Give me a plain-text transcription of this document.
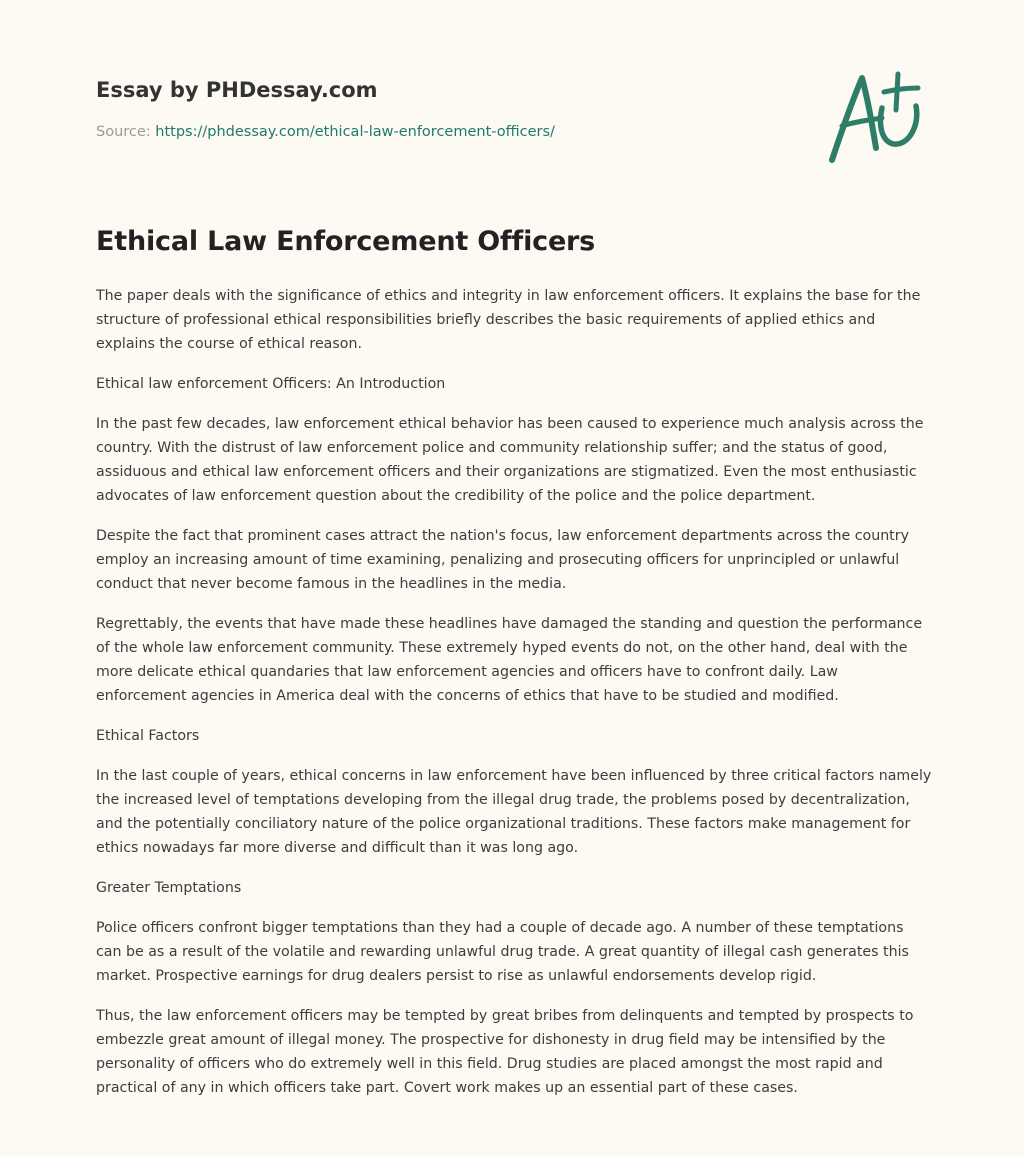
Essay by PHDessay.com
Source: https://phdessay.com/ethical-law-enforcement-officers/
Ethical Law Enforcement Officers

The paper deals with the significance of ethics and integrity in law enforcement officers. It explains the base for the structure of professional ethical responsibilities briefly describes the basic requirements of applied ethics and explains the course of ethical reason.

Ethical law enforcement Officers: An Introduction

In the past few decades, law enforcement ethical behavior has been caused to experience much analysis across the country. With the distrust of law enforcement police and community relationship suffer; and the status of good, assiduous and ethical law enforcement officers and their organizations are stigmatized. Even the most enthusiastic advocates of law enforcement question about the credibility of the police and the police department.

Despite the fact that prominent cases attract the nation's focus, law enforcement departments across the country employ an increasing amount of time examining, penalizing and prosecuting officers for unprincipled or unlawful conduct that never become famous in the headlines in the media.

Regrettably, the events that have made these headlines have damaged the standing and question the performance of the whole law enforcement community. These extremely hyped events do not, on the other hand, deal with the more delicate ethical quandaries that law enforcement agencies and officers have to confront daily. Law enforcement agencies in America deal with the concerns of ethics that have to be studied and modified.

Ethical Factors

In the last couple of years, ethical concerns in law enforcement have been influenced by three critical factors namely the increased level of temptations developing from the illegal drug trade, the problems posed by decentralization, and the potentially conciliatory nature of the police organizational traditions. These factors make management for ethics nowadays far more diverse and difficult than it was long ago.

Greater Temptations

Police officers confront bigger temptations than they had a couple of decade ago. A number of these temptations can be as a result of the volatile and rewarding unlawful drug trade. A great quantity of illegal cash generates this market. Prospective earnings for drug dealers persist to rise as unlawful endorsements develop rigid.

Thus, the law enforcement officers may be tempted by great bribes from delinquents and tempted by prospects to embezzle great amount of illegal money. The prospective for dishonesty in drug field may be intensified by the personality of officers who do extremely well in this field. Drug studies are placed amongst the most rapid and practical of any in which officers take part. Covert work makes up an essential part of these cases.
